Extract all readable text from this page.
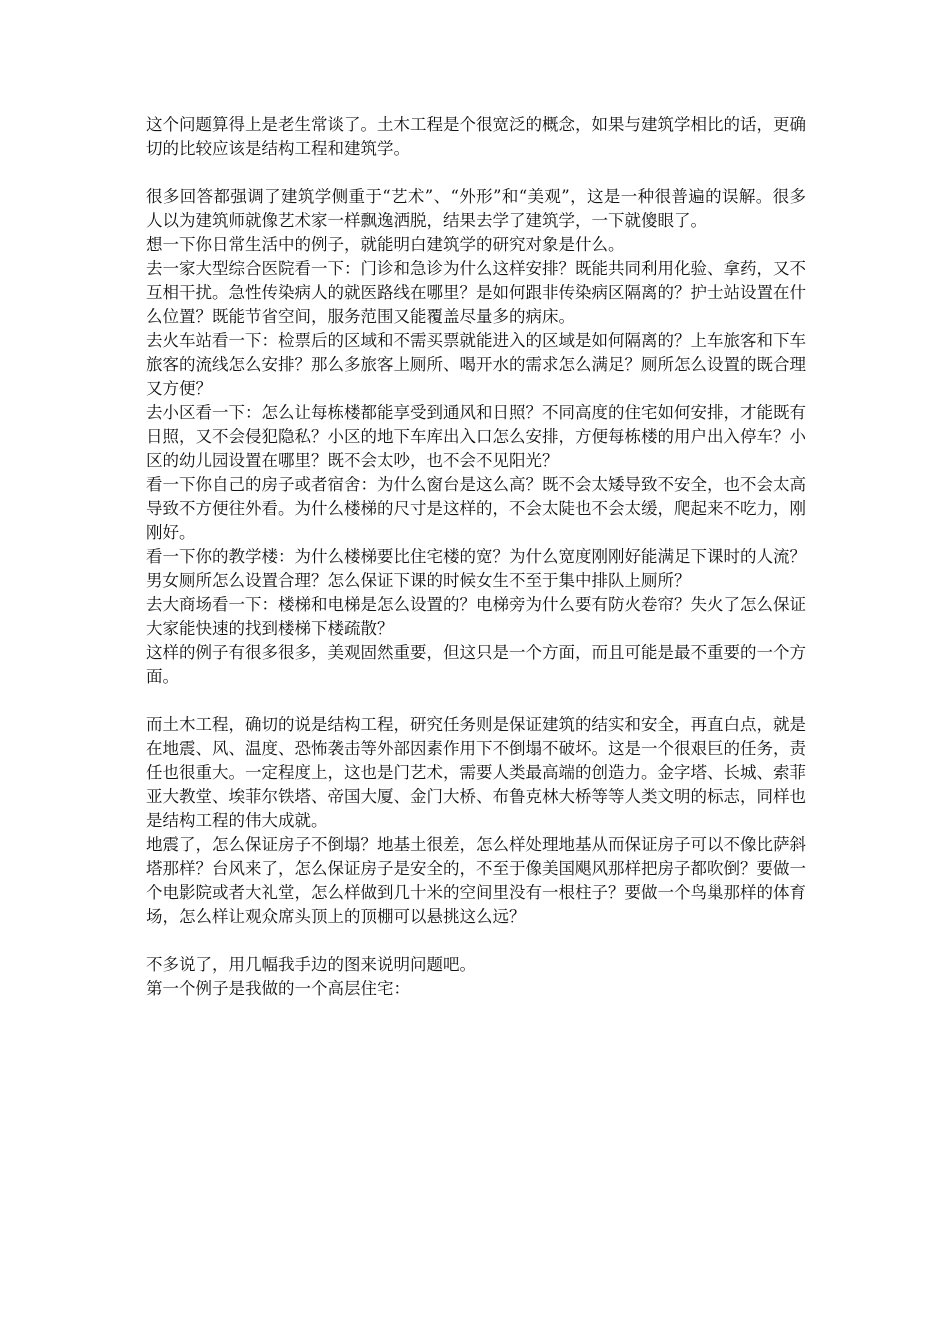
这个问题算得上是老生常谈了。土木工程是个很宽泛的概念，如果与建筑学相比的话，更确切的比较应该是结构工程和建筑学。

很多回答都强调了建筑学侧重于“艺术”、“外形”和“美观”，这是一种很普遍的误解。很多人以为建筑师就像艺术家一样飘逸洒脱，结果去学了建筑学，一下就傻眼了。

想一下你日常生活中的例子，就能明白建筑学的研究对象是什么。

去一家大型综合医院看一下：门诊和急诊为什么这样安排？既能共同利用化验、拿药，又不互相干扰。急性传染病人的就医路线在哪里？是如何跟非传染病区隔离的？护士站设置在什么位置？既能节省空间，服务范围又能覆盖尽量多的病床。

去火车站看一下：检票后的区域和不需买票就能进入的区域是如何隔离的？上车旅客和下车旅客的流线怎么安排？那么多旅客上厕所、喝开水的需求怎么满足？厕所怎么设置的既合理又方便？

去小区看一下：怎么让每栋楼都能享受到通风和日照？不同高度的住宅如何安排，才能既有日照，又不会侵犯隐私？小区的地下车库出入口怎么安排，方便每栋楼的用户出入停车？小区的幼儿园设置在哪里？既不会太吵，也不会不见阳光？

看一下你自己的房子或者宿舍：为什么窗台是这么高？既不会太矮导致不安全，也不会太高导致不方便往外看。为什么楼梯的尺寸是这样的，不会太陡也不会太缓，爬起来不吃力，刚刚好。

看一下你的教学楼：为什么楼梯要比住宅楼的宽？为什么宽度刚刚好能满足下课时的人流？男女厕所怎么设置合理？怎么保证下课的时候女生不至于集中排队上厕所？

去大商场看一下：楼梯和电梯是怎么设置的？电梯旁为什么要有防火卷帘？失火了怎么保证大家能快速的找到楼梯下楼疏散？

这样的例子有很多很多，美观固然重要，但这只是一个方面，而且可能是最不重要的一个方面。

而土木工程，确切的说是结构工程，研究任务则是保证建筑的结实和安全，再直白点，就是在地震、风、温度、恐怖袭击等外部因素作用下不倒塌不破坏。这是一个很艰巨的任务，责任也很重大。一定程度上，这也是门艺术，需要人类最高端的创造力。金字塔、长城、索菲亚大教堂、埃菲尔铁塔、帝国大厦、金门大桥、布鲁克林大桥等等人类文明的标志，同样也是结构工程的伟大成就。

地震了，怎么保证房子不倒塌？地基土很差，怎么样处理地基从而保证房子可以不像比萨斜塔那样？台风来了，怎么保证房子是安全的，不至于像美国飓风那样把房子都吹倒？要做一个电影院或者大礼堂，怎么样做到几十米的空间里没有一根柱子？要做一个鸟巢那样的体育场，怎么样让观众席头顶上的顶棚可以悬挑这么远？

不多说了，用几幅我手边的图来说明问题吧。

第一个例子是我做的一个高层住宅：
